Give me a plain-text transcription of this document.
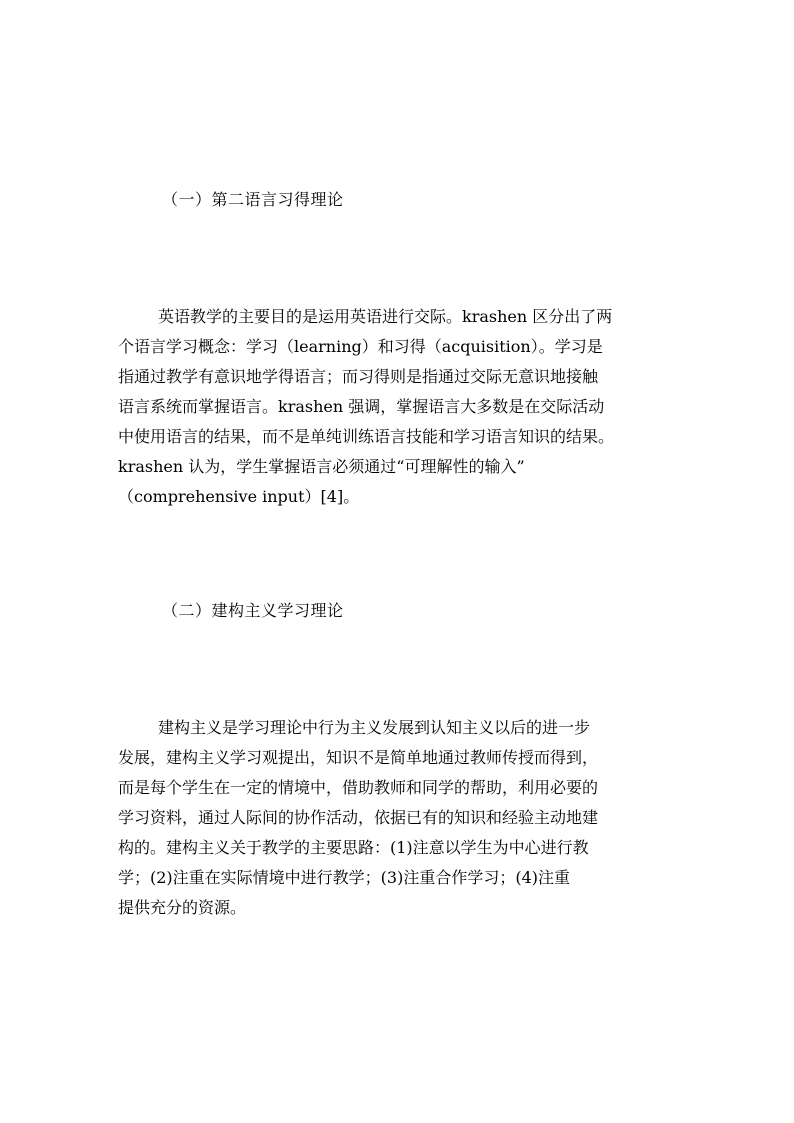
（一）第二语言习得理论
英语教学的主要目的是运用英语进行交际。krashen 区分出了两
个语言学习概念：学习（learning）和习得（acquisition）。学习是
指通过教学有意识地学得语言；而习得则是指通过交际无意识地接触
语言系统而掌握语言。krashen 强调，掌握语言大多数是在交际活动
中使用语言的结果，而不是单纯训练语言技能和学习语言知识的结果。
krashen 认为，学生掌握语言必须通过“可理解性的输入”
（comprehensive input）[4]。
（二）建构主义学习理论
建构主义是学习理论中行为主义发展到认知主义以后的进一步
发展，建构主义学习观提出，知识不是简单地通过教师传授而得到，
而是每个学生在一定的情境中，借助教师和同学的帮助，利用必要的
学习资料，通过人际间的协作活动，依据已有的知识和经验主动地建
构的。建构主义关于教学的主要思路：(1)注意以学生为中心进行教
学；(2)注重在实际情境中进行教学；(3)注重合作学习；(4)注重
提供充分的资源。
